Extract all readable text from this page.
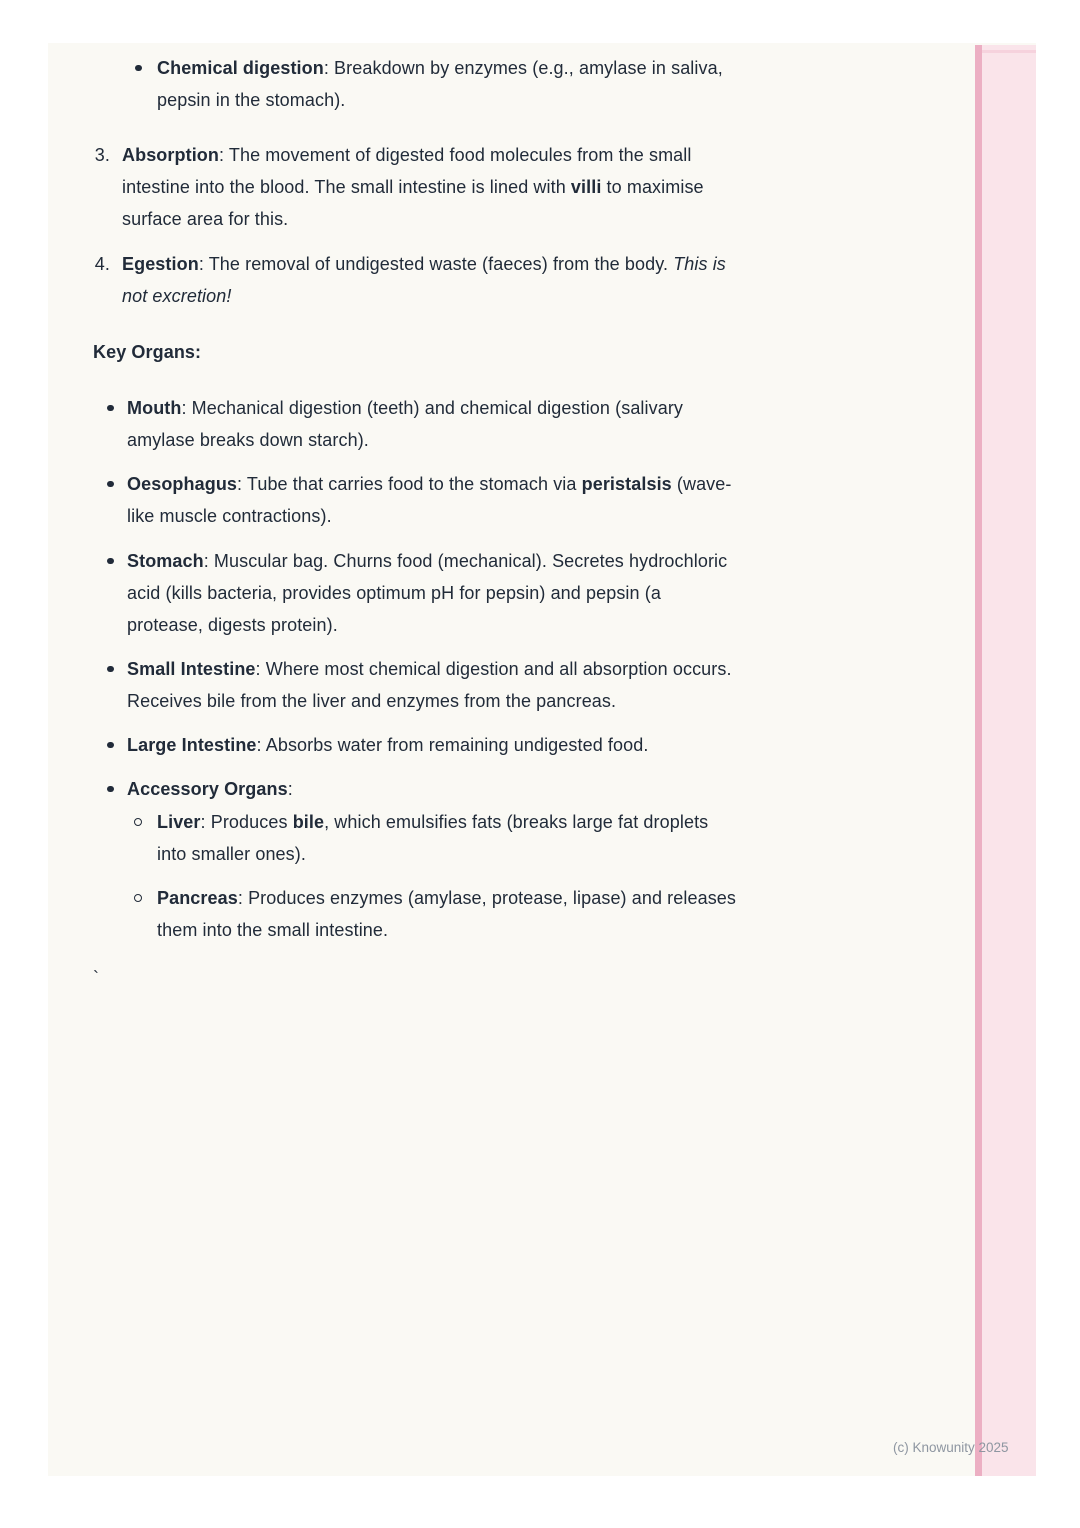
Chemical digestion: Breakdown by enzymes (e.g., amylase in saliva,
pepsin in the stomach).
3. Absorption: The movement of digested food molecules from the small
intestine into the blood. The small intestine is lined with villi to maximise
surface area for this.
4. Egestion: The removal of undigested waste (faeces) from the body. This is
not excretion!
Key Organs:
Mouth: Mechanical digestion (teeth) and chemical digestion (salivary
amylase breaks down starch).
Oesophagus: Tube that carries food to the stomach via peristalsis (wave-
like muscle contractions).
Stomach: Muscular bag. Churns food (mechanical). Secretes hydrochloric
acid (kills bacteria, provides optimum pH for pepsin) and pepsin (a
protease, digests protein).
Small Intestine: Where most chemical digestion and all absorption occurs.
Receives bile from the liver and enzymes from the pancreas.
Large Intestine: Absorbs water from remaining undigested food.
Accessory Organs:
Liver: Produces bile, which emulsifies fats (breaks large fat droplets
into smaller ones).
Pancreas: Produces enzymes (amylase, protease, lipase) and releases
them into the small intestine.
`
(c) Knowunity 2025
